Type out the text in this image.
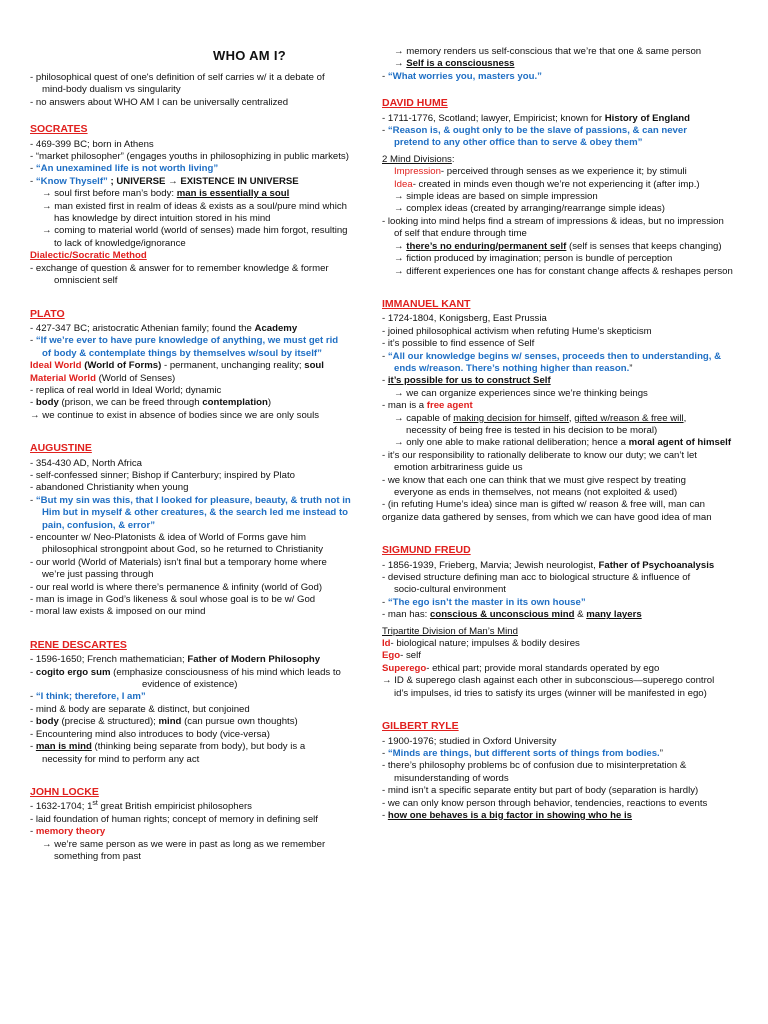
WHO AM I?
- philosophical quest of one's definition of self carries w/ it a debate of
mind-body dualism vs singularity
- no answers about WHO AM I can be universally centralized
SOCRATES
- 469-399 BC; born in Athens
- “market philosopher” (engages youths in philosophizing in public markets)
- “An unexamined life is not worth living”
- “Know Thyself” ; UNIVERSE → EXISTENCE IN UNIVERSE
→ soul first before man’s body: man is essentially a soul
→ man existed first in realm of ideas & exists as a soul/pure mind which
has knowledge by direct intuition stored in his mind
→ coming to material world (world of senses) made him forgot, resulting
to lack of knowledge/ignorance
Dialectic/Socratic Method
- exchange of question & answer for to remember knowledge & former
omniscient self
PLATO
- 427-347 BC; aristocratic Athenian family; found the Academy
- “If we’re ever to have pure knowledge of anything, we must get rid
of body & contemplate things by themselves w/soul by itself”
Ideal World (World of Forms) - permanent, unchanging reality; soul
Material World (World of Senses)
- replica of real world in Ideal World; dynamic
- body (prison, we can be freed through contemplation)
→ we continue to exist in absence of bodies since we are only souls
AUGUSTINE
- 354-430 AD, North Africa
- self-confessed sinner; Bishop if Canterbury; inspired by Plato
- abandoned Christianity when young
- “But my sin was this, that I looked for pleasure, beauty, & truth not in
Him but in myself & other creatures, & the search led me instead to
pain, confusion, & error”
- encounter w/ Neo-Platonists & idea of World of Forms gave him
philosophical strongpoint about God, so he returned to Christianity
- our world (World of Materials) isn’t final but a temporary home where
we’re just passing through
- our real world is where there’s permanence & infinity (world of God)
- man is image in God’s likeness & soul whose goal is to be w/ God
- moral law exists & imposed on our mind
RENE DESCARTES
- 1596-1650; French mathematician; Father of Modern Philosophy
- cogito ergo sum (emphasize consciousness of his mind which leads to
evidence of existence)
- “I think; therefore, I am”
- mind & body are separate & distinct, but conjoined
- body (precise & structured); mind (can pursue own thoughts)
- Encountering mind also introduces to body (vice-versa)
- man is mind (thinking being separate from body), but body is a
necessity for mind to perform any act
JOHN LOCKE
- 1632-1704; 1st great British empiricist philosophers
- laid foundation of human rights; concept of memory in defining self
- memory theory
→ we’re same person as we were in past as long as we remember
something from past
→ memory renders us self-conscious that we’re that one & same person
→ Self is a consciousness
- “What worries you, masters you.”
DAVID HUME
- 1711-1776, Scotland; lawyer, Empiricist; known for History of England
- “Reason is, & ought only to be the slave of passions, & can never
pretend to any other office than to serve & obey them”
2 Mind Divisions:
Impression- perceived through senses as we experience it; by stimuli
Idea- created in minds even though we’re not experiencing it (after imp.)
→ simple ideas are based on simple impression
→ complex ideas (created by arranging/rearrange simple ideas)
- looking into mind helps find a stream of impressions & ideas, but no impression
of self that endure through time
→ there’s no enduring/permanent self (self is senses that keeps changing)
→ fiction produced by imagination; person is bundle of perception
→ different experiences one has for constant change affects & reshapes person
IMMANUEL KANT
- 1724-1804, Konigsberg, East Prussia
- joined philosophical activism when refuting Hume’s skepticism
- it’s possible to find essence of Self
- “All our knowledge begins w/ senses, proceeds then to understanding, &
ends w/reason. There’s nothing higher than reason.”
- it’s possible for us to construct Self
→ we can organize experiences since we’re thinking beings
- man is a free agent
→ capable of making decision for himself, gifted w/reason & free will,
necessity of being free is tested in his decision to be moral)
→ only one able to make rational deliberation; hence a moral agent of himself
- it’s our responsibility to rationally deliberate to know our duty; we can’t let
emotion arbitrariness guide us
- we know that each one can think that we must give respect by treating
everyone as ends in themselves, not means (not exploited & used)
- (in refuting Hume’s idea) since man is gifted w/ reason & free will, man can
organize data gathered by senses, from which we can have good idea of man
SIGMUND FREUD
- 1856-1939, Frieberg, Marvia; Jewish neurologist, Father of Psychoanalysis
- devised structure defining man acc to biological structure & influence of
socio-cultural environment
- “The ego isn’t the master in its own house”
- man has: conscious & unconscious mind & many layers
Tripartite Division of Man’s Mind
Id- biological nature; impulses & bodily desires
Ego- self
Superego- ethical part; provide moral standards operated by ego
→ ID & superego clash against each other in subconscious—superego control
id’s impulses, id tries to satisfy its urges (winner will be manifested in ego)
GILBERT RYLE
- 1900-1976; studied in Oxford University
- “Minds are things, but different sorts of things from bodies.”
- there’s philosophy problems bc of confusion due to misinterpretation &
misunderstanding of words
- mind isn’t a specific separate entity but part of body (separation is hardly)
- we can only know person through behavior, tendencies, reactions to events
- how one behaves is a big factor in showing who he is
